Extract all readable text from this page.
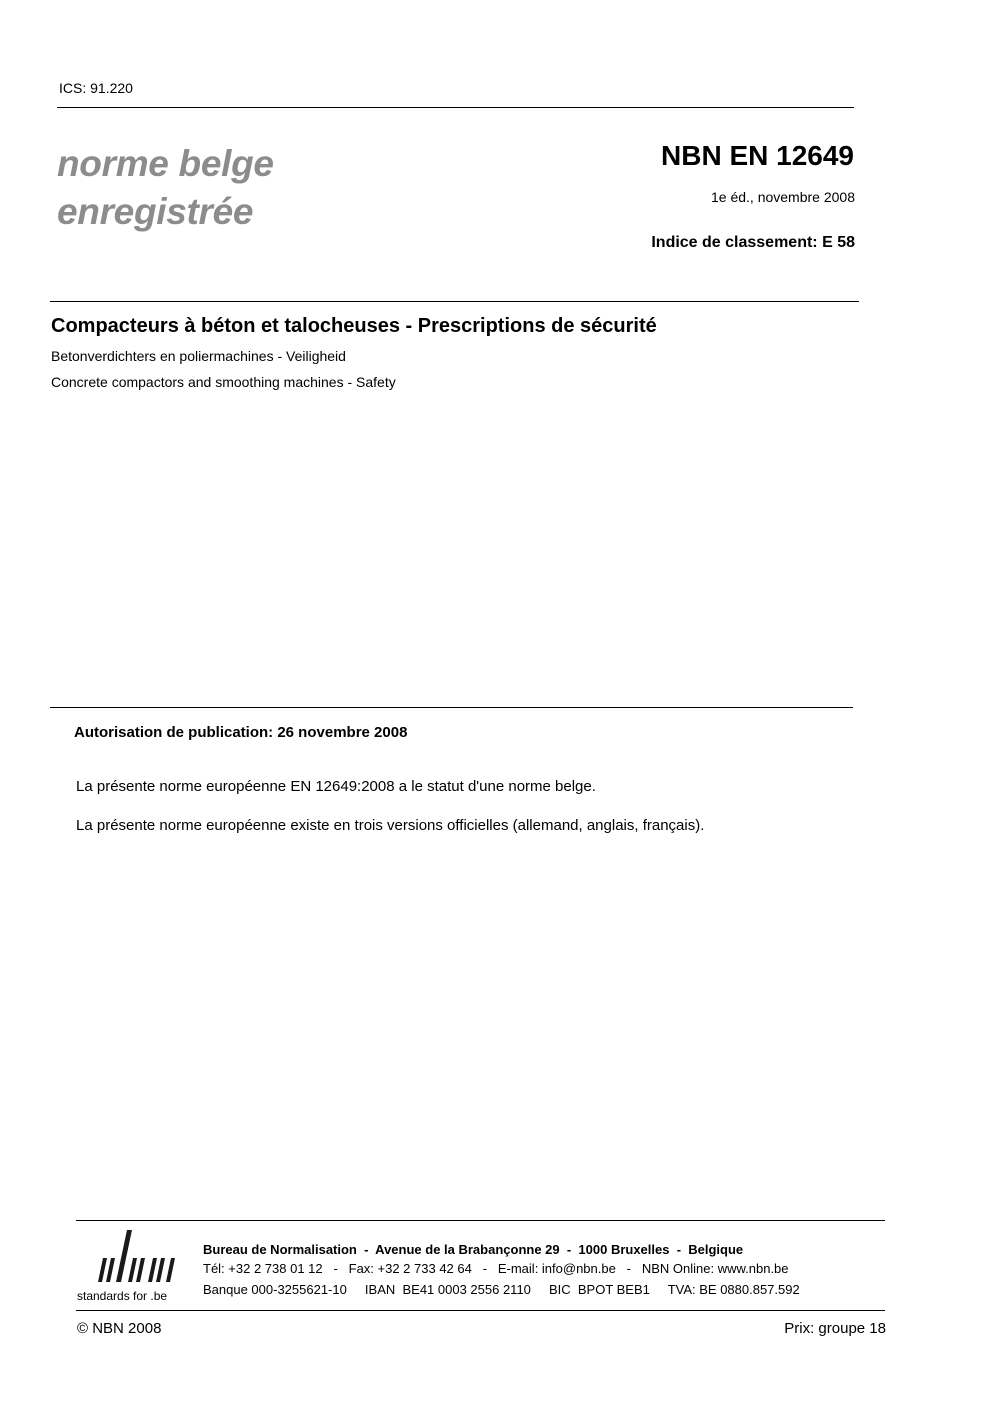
ICS: 91.220
norme belge
enregistrée
NBN EN 12649
1e éd., novembre 2008
Indice de classement: E 58
Compacteurs à béton et talocheuses - Prescriptions de sécurité
Betonverdichters en poliermachines - Veiligheid
Concrete compactors and smoothing machines - Safety
Autorisation de publication: 26 novembre 2008
La présente norme européenne EN 12649:2008 a le statut d'une norme belge.
La présente norme européenne existe en trois versions officielles (allemand, anglais, français).
standards for .be
Bureau de Normalisation  -  Avenue de la Brabançonne 29  -  1000 Bruxelles  -  Belgique
Tél: +32 2 738 01 12   -   Fax: +32 2 733 42 64   -   E-mail: info@nbn.be   -   NBN Online: www.nbn.be
Banque 000-3255621-10     IBAN  BE41 0003 2556 2110     BIC  BPOT BEB1     TVA: BE 0880.857.592
© NBN 2008	Prix: groupe 18
